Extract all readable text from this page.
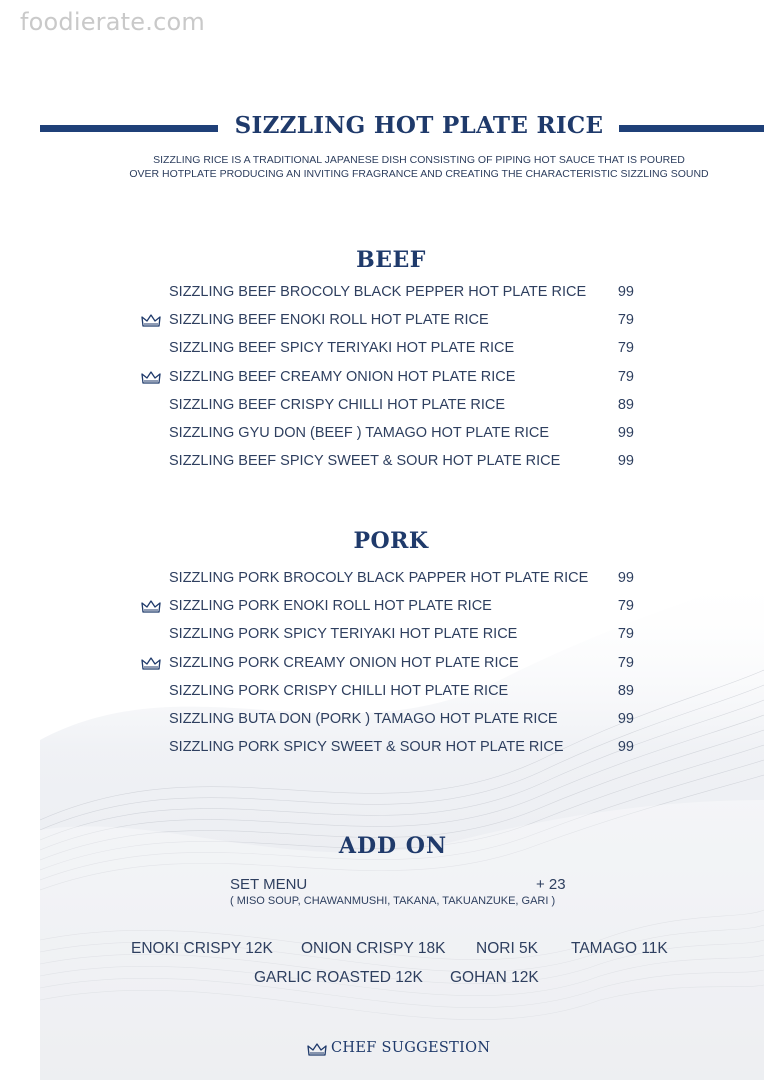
foodierate.com
SIZZLING HOT PLATE RICE
SIZZLING RICE IS A TRADITIONAL JAPANESE DISH CONSISTING OF PIPING HOT SAUCE THAT IS POURED
OVER HOTPLATE PRODUCING AN INVITING FRAGRANCE AND CREATING THE CHARACTERISTIC SIZZLING SOUND
BEEF
SIZZLING BEEF BROCOLY BLACK PEPPER HOT PLATE RICE	99
SIZZLING BEEF ENOKI ROLL HOT PLATE RICE	79
SIZZLING BEEF SPICY TERIYAKI HOT PLATE RICE	79
SIZZLING BEEF CREAMY ONION HOT PLATE RICE	79
SIZZLING BEEF CRISPY CHILLI HOT PLATE RICE	89
SIZZLING GYU DON (BEEF ) TAMAGO HOT PLATE RICE	99
SIZZLING BEEF SPICY SWEET & SOUR HOT PLATE RICE	99
PORK
SIZZLING PORK BROCOLY BLACK PAPPER HOT PLATE RICE	99
SIZZLING PORK ENOKI ROLL HOT PLATE RICE	79
SIZZLING PORK SPICY TERIYAKI HOT PLATE RICE	79
SIZZLING PORK CREAMY ONION HOT PLATE RICE	79
SIZZLING PORK CRISPY CHILLI HOT PLATE RICE	89
SIZZLING BUTA DON (PORK ) TAMAGO HOT PLATE RICE	99
SIZZLING PORK SPICY SWEET & SOUR HOT PLATE RICE	99
ADD ON
SET MENU	+ 23
( MISO SOUP, CHAWANMUSHI, TAKANA, TAKUANZUKE, GARI )
ENOKI CRISPY 12K ONION CRISPY 18K NORI 5K TAMAGO 11K
GARLIC ROASTED 12K GOHAN 12K
CHEF SUGGESTION
